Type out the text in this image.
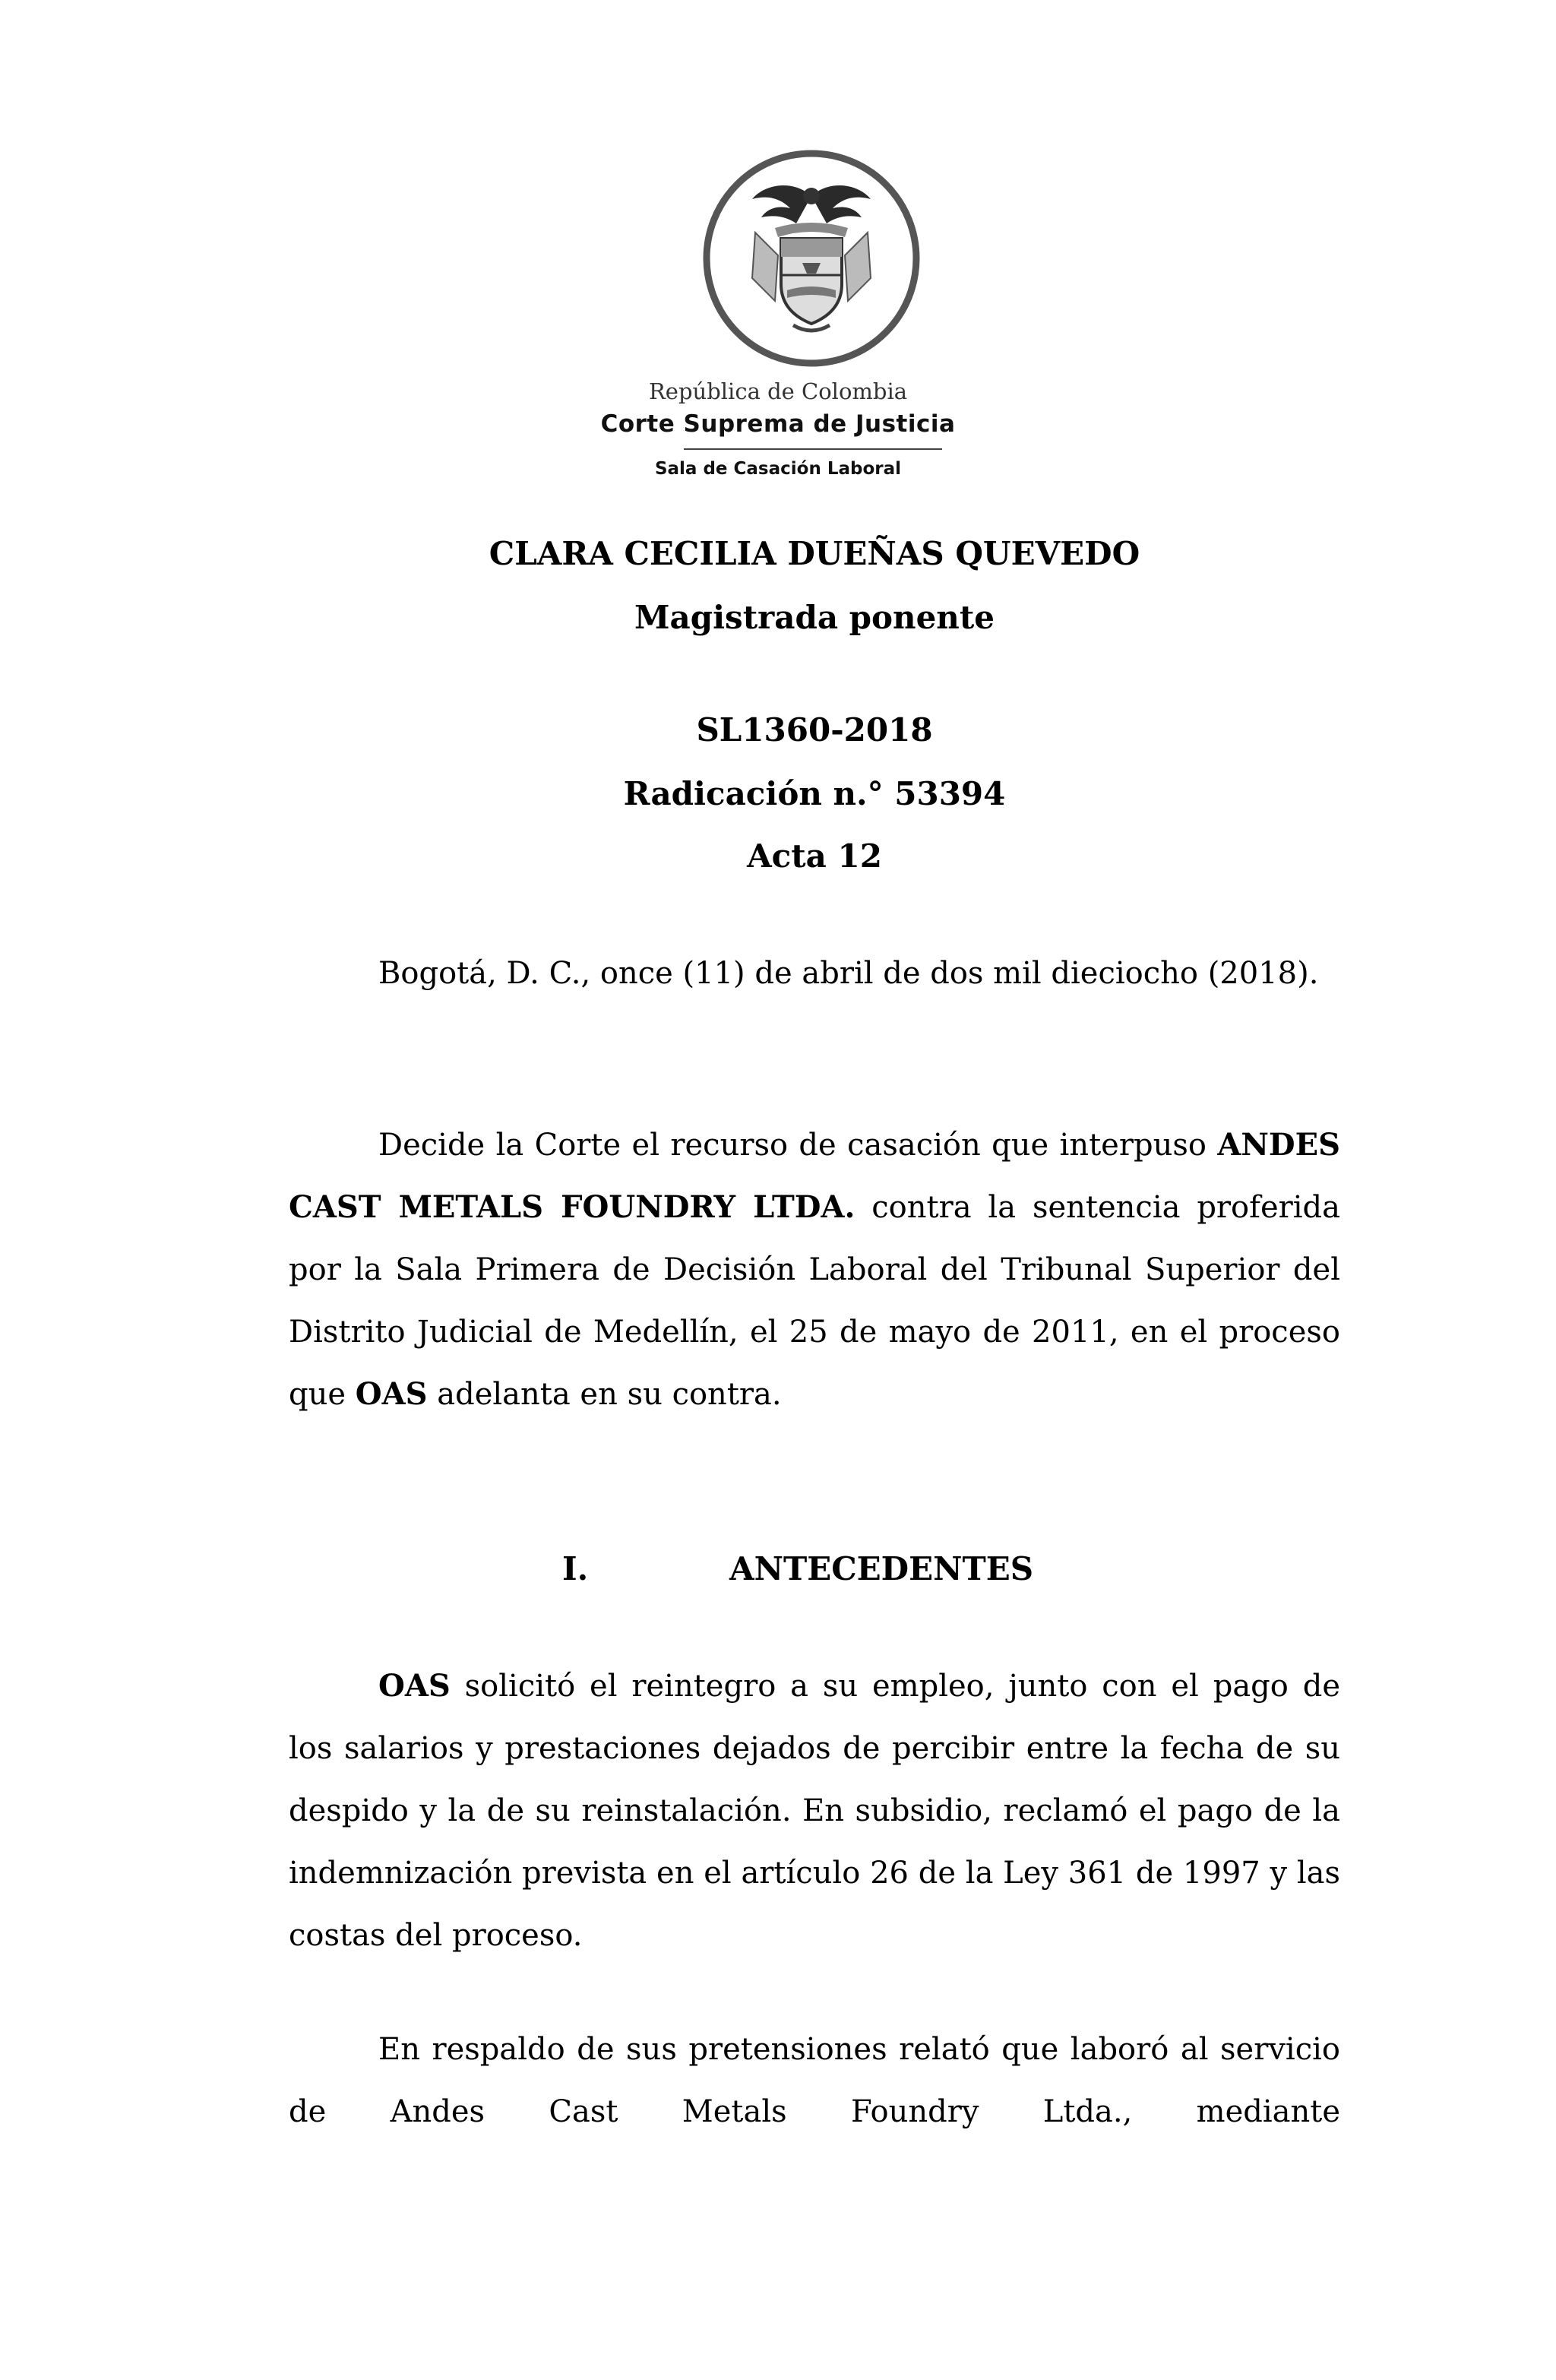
República de Colombia
Corte Suprema de Justicia
Sala de Casación Laboral
CLARA CECILIA DUEÑAS QUEVEDO
Magistrada ponente
SL1360-2018
Radicación n.° 53394
Acta 12
Bogotá, D. C., once (11) de abril de dos mil dieciocho (2018).
Decide la Corte el recurso de casación que interpuso ANDES CAST METALS FOUNDRY LTDA. contra la sentencia proferida por la Sala Primera de Decisión Laboral del Tribunal Superior del Distrito Judicial de Medellín, el 25 de mayo de 2011, en el proceso que OAS adelanta en su contra.
I.	ANTECEDENTES
OAS solicitó el reintegro a su empleo, junto con el pago de los salarios y prestaciones dejados de percibir entre la fecha de su despido y la de su reinstalación. En subsidio, reclamó el pago de la indemnización prevista en el artículo 26 de la Ley 361 de 1997 y las costas del proceso.
En respaldo de sus pretensiones relató que laboró al servicio de Andes Cast Metals Foundry Ltda., mediante
